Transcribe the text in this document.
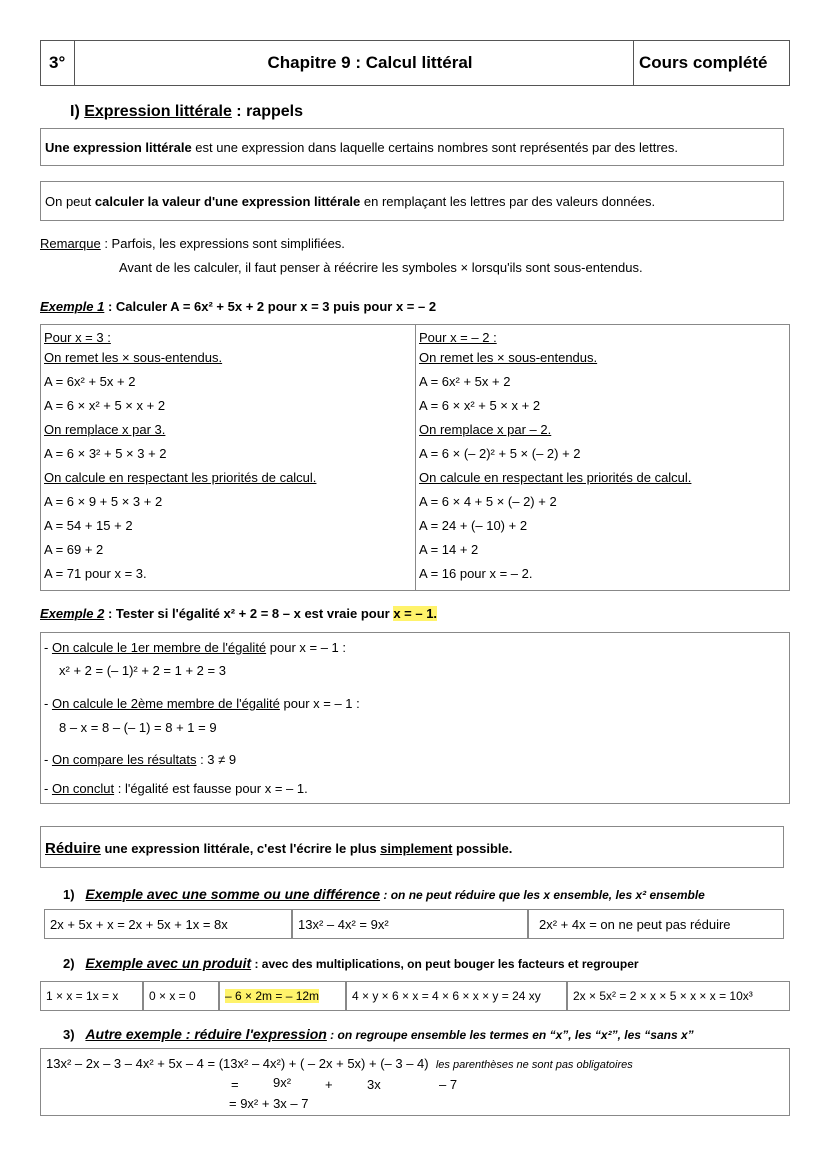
3°	Chapitre 9 : Calcul littéral	Cours complété
I) Expression littérale : rappels
Une expression littérale est une expression dans laquelle certains nombres sont représentés par des lettres.
On peut calculer la valeur d'une expression littérale en remplaçant les lettres par des valeurs données.
Remarque : Parfois, les expressions sont simplifiées.
Avant de les calculer, il faut penser à réécrire les symboles × lorsqu'ils sont sous-entendus.
Exemple 1 : Calculer A = 6x² + 5x + 2 pour x = 3 puis pour x = – 2
Pour x = 3 :
On remet les × sous-entendus.
A = 6x² + 5x + 2
A = 6 × x² + 5 × x + 2
On remplace x par 3.
A = 6 × 3² + 5 × 3 + 2
On calcule en respectant les priorités de calcul.
A = 6 × 9 + 5 × 3 + 2
A = 54 + 15 + 2
A = 69 + 2
A = 71 pour x = 3.
Pour x = – 2 :
On remet les × sous-entendus.
A = 6x² + 5x + 2
A = 6 × x² + 5 × x + 2
On remplace x par – 2.
A = 6 × (– 2)² + 5 × (– 2) + 2
On calcule en respectant les priorités de calcul.
A = 6 × 4 + 5 × (– 2) + 2
A = 24 + (– 10) + 2
A = 14 + 2
A = 16 pour x = – 2.
Exemple 2 : Tester si l'égalité x² + 2 = 8 – x est vraie pour x = – 1.
- On calcule le 1er membre de l'égalité pour x = – 1 :
x² + 2 = (– 1)² + 2 = 1 + 2 = 3
- On calcule le 2ème membre de l'égalité pour x = – 1 :
8 – x = 8 – (– 1) = 8 + 1 = 9
- On compare les résultats : 3 ≠ 9
- On conclut : l'égalité est fausse pour x = – 1.
Réduire une expression littérale, c'est l'écrire le plus simplement possible.
1) Exemple avec une somme ou une différence : on ne peut réduire que les x ensemble, les x² ensemble
2x + 5x + x = 2x + 5x + 1x = 8x	13x² – 4x² = 9x²	2x² + 4x = on ne peut pas réduire
2) Exemple avec un produit : avec des multiplications, on peut bouger les facteurs et regrouper
1 × x = 1x = x	0 × x = 0	– 6 × 2m = – 12m	4 × y × 6 × x = 4 × 6 × x × y = 24 xy	2x × 5x² = 2 × x × 5 × x × x = 10x³
3) Autre exemple : réduire l'expression : on regroupe ensemble les termes en “x”, les “x²”, les “sans x”
13x² – 2x – 3 – 4x² + 5x – 4 = (13x² – 4x²) + ( – 2x + 5x) + (– 3 – 4) les parenthèses ne sont pas obligatoires
=	9x²	+	3x	– 7
= 9x² + 3x – 7
